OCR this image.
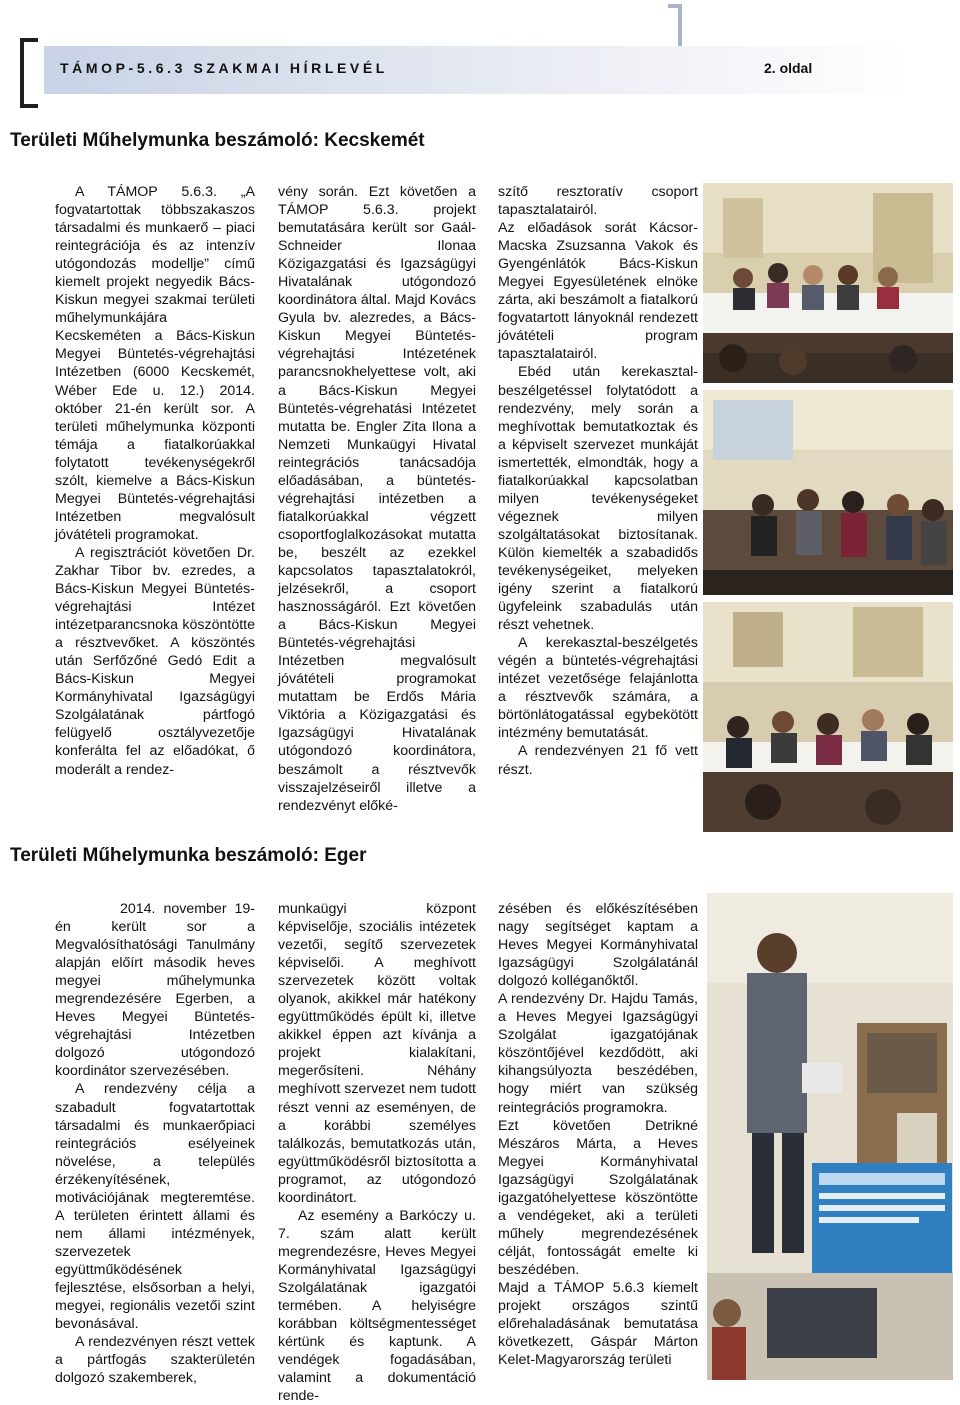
TÁMOP-5.6.3 SZAKMAI HÍRLEVÉL	2. oldal
Területi Műhelymunka beszámoló: Kecskemét

A TÁMOP 5.6.3. „A fogvatartottak többszakaszos társadalmi és munkaerő – piaci reintegrációja és az intenzív utógondozás modellje” című kiemelt projekt negyedik Bács-Kiskun megyei szakmai területi műhelymunkájára Kecskeméten a Bács-Kiskun Megyei Büntetés-végrehajtási Intézetben (6000 Kecskemét, Wéber Ede u. 12.) 2014. október 21-én került sor. A területi műhelymunka központi témája a fiatalkorúakkal folytatott tevékenységekről szólt, kiemelve a Bács-Kiskun Megyei Büntetés-végrehajtási Intézetben megvalósult jóvátételi programokat.

A regisztrációt követően Dr. Zakhar Tibor bv. ezredes, a Bács-Kiskun Megyei Büntetés-végrehajtási Intézet intézetparancsnoka köszöntötte a résztvevőket. A köszöntés után Serfőzőné Gedó Edit a Bács-Kiskun Megyei Kormányhivatal Igazságügyi Szolgálatának pártfogó felügyelő osztályvezetője konferálta fel az előadókat, ő moderált a rendez-

vény során. Ezt követően a TÁMOP 5.6.3. projekt bemutatására került sor Gaál-Schneider Ilonaa Közigazgatási és Igazságügyi Hivatalának utógondozó koordinátora által. Majd Kovács Gyula bv. alezredes, a Bács-Kiskun Megyei Büntetés-végrehajtási Intézetének parancsnokhelyettese volt, aki a Bács-Kiskun Megyei Büntetés-végrehatási Intézetet mutatta be. Engler Zita Ilona a Nemzeti Munkaügyi Hivatal reintegrációs tanácsadója előadásában, a büntetés-végrehajtási intézetben a fiatalkorúakkal végzett csoportfoglalkozásokat mutatta be, beszélt az ezekkel kapcsolatos tapasztalatokról, jelzésekről, a csoport hasznosságáról. Ezt követően a Bács-Kiskun Megyei Büntetés-végrehajtási Intézetben megvalósult jóvátételi programokat mutattam be Erdős Mária Viktória a Közigazgatási és Igazságügyi Hivatalának utógondozó koordinátora, beszámolt a résztvevők visszajelzéseiről illetve a rendezvényt előké-

szítő resztoratív csoport tapasztalatairól.

Az előadások sorát Kácsor-Macska Zsuzsanna Vakok és Gyengénlátók Bács-Kiskun Megyei Egyesületének elnöke zárta, aki beszámolt a fiatalkorú fogvatartott lányoknál rendezett jóvátételi program tapasztalatairól.

Ebéd után kerekasztal-beszélgetéssel folytatódott a rendezvény, mely során a meghívottak bemutatkoztak és a képviselt szervezet munkáját ismertették, elmondták, hogy a fiatalkorúakkal kapcsolatban milyen tevékenységeket végeznek milyen szolgáltatásokat biztosítanak. Külön kiemelték a szabadidős tevékenységeiket, melyeken igény szerint a fiatalkorú ügyfeleink szabadulás után részt vehetnek.

A kerekasztal-beszélgetés végén a büntetés-végrehajtási intézet vezetősége felajánlotta a résztvevők számára, a börtönlátogatással egybekötött intézmény bemutatását.

A rendezvényen 21 fő vett részt.

Területi Műhelymunka beszámoló: Eger

2014. november 19-én került sor a Megvalósíthatósági Tanulmány alapján előírt második heves megyei műhelymunka megrendezésére Egerben, a Heves Megyei Büntetés-végrehajtási Intézetben dolgozó utógondozó koordinátor szervezésében.

A rendezvény célja a szabadult fogvatartottak társadalmi és munkaerőpiaci reintegrációs esélyeinek növelése, a település érzékenyítésének, motivációjának megteremtése. A területen érintett állami és nem állami intézmények, szervezetek együttműködésének fejlesztése, elsősorban a helyi, megyei, regionális vezetői szint bevonásával.

A rendezvényen részt vettek a pártfogás szakterületén dolgozó szakemberek,

munkaügyi központ képviselője, szociális intézetek vezetői, segítő szervezetek képviselői. A meghívott szervezetek között voltak olyanok, akikkel már hatékony együttműködés épült ki, illetve akikkel éppen azt kívánja a projekt kialakítani, megerősíteni. Néhány meghívott szervezet nem tudott részt venni az eseményen, de a korábbi személyes találkozás, bemutatkozás után, együttműködésről biztosította a programot, az utógondozó koordinátort.

Az esemény a Barkóczy u. 7. szám alatt került megrendezésre, Heves Megyei Kormányhivatal Igazságügyi Szolgálatának igazgatói termében. A helyiségre korábban költségmentességet kértünk és kaptunk. A vendégek fogadásában, valamint a dokumentáció rende-

zésében és előkészítésében nagy segítséget kaptam a Heves Megyei Kormányhivatal Igazságügyi Szolgálatánál dolgozó kolléganőktől.

A rendezvény Dr. Hajdu Tamás, a Heves Megyei Igazságügyi Szolgálat igazgatójának köszöntőjével kezdődött, aki kihangsúlyozta beszédében, hogy miért van szükség reintegrációs programokra.

Ezt követően Detrikné Mészáros Márta, a Heves Megyei Kormányhivatal Igazságügyi Szolgálatának igazgatóhelyettese köszöntötte a vendégeket, aki a területi műhely megrendezésének célját, fontosságát emelte ki beszédében.

Majd a TÁMOP 5.6.3 kiemelt projekt országos szintű előrehaladásának bemutatása következett, Gáspár Márton Kelet-Magyarország területi
